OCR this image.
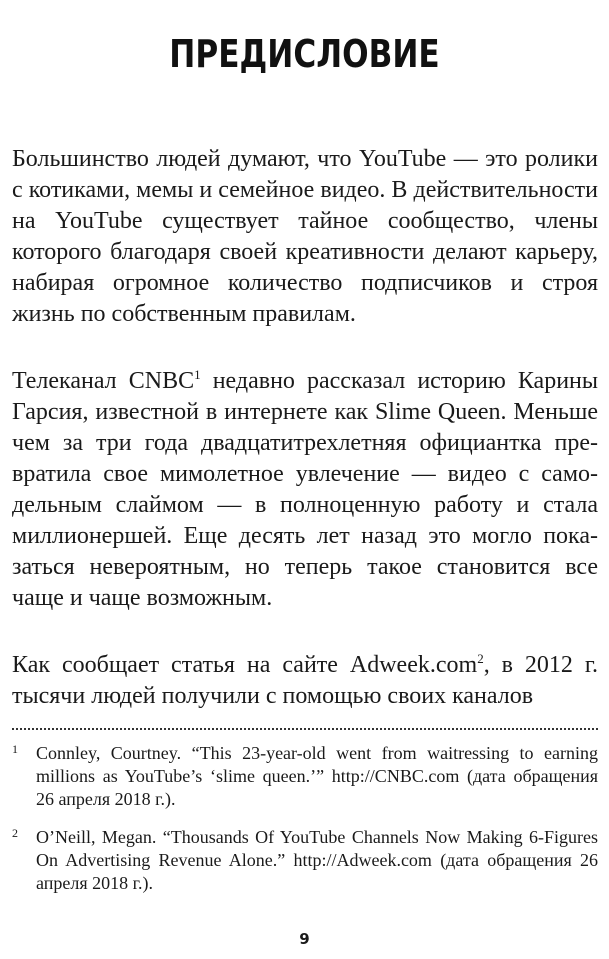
ПРЕДИСЛОВИЕ

Большинство людей думают, что YouTube — это ролики с котиками, мемы и семейное видео. В действительности на YouTube существует тайное сообщество, члены которого благодаря своей креативности делают карьеру, набирая огромное количество подписчиков и строя жизнь по собственным правилам.

Телеканал CNBC$^1$ недавно рассказал историю Карины Гарсия, известной в интернете как Slime Queen. Меньше чем за три года двадцатитрехлетняя официантка превратила свое мимолетное увлечение — видео с самодельным слаймом — в полноценную работу и стала миллионершей. Еще десять лет назад это могло показаться невероятным, но теперь такое становится все чаще и чаще возможным.

Как сообщает статья на сайте Adweek.com$^2$, в 2012 г. тысячи людей получили с помощью своих каналов

1 Connley, Courtney. “This 23-year-old went from waitressing to earning millions as YouTube’s ‘slime queen.’” http://CNBC.com (дата обращения 26 апреля 2018 г.).
2 O’Neill, Megan. “Thousands Of YouTube Channels Now Making 6-Figures On Advertising Revenue Alone.” http://Adweek.com (дата обращения 26 апреля 2018 г.).
9
